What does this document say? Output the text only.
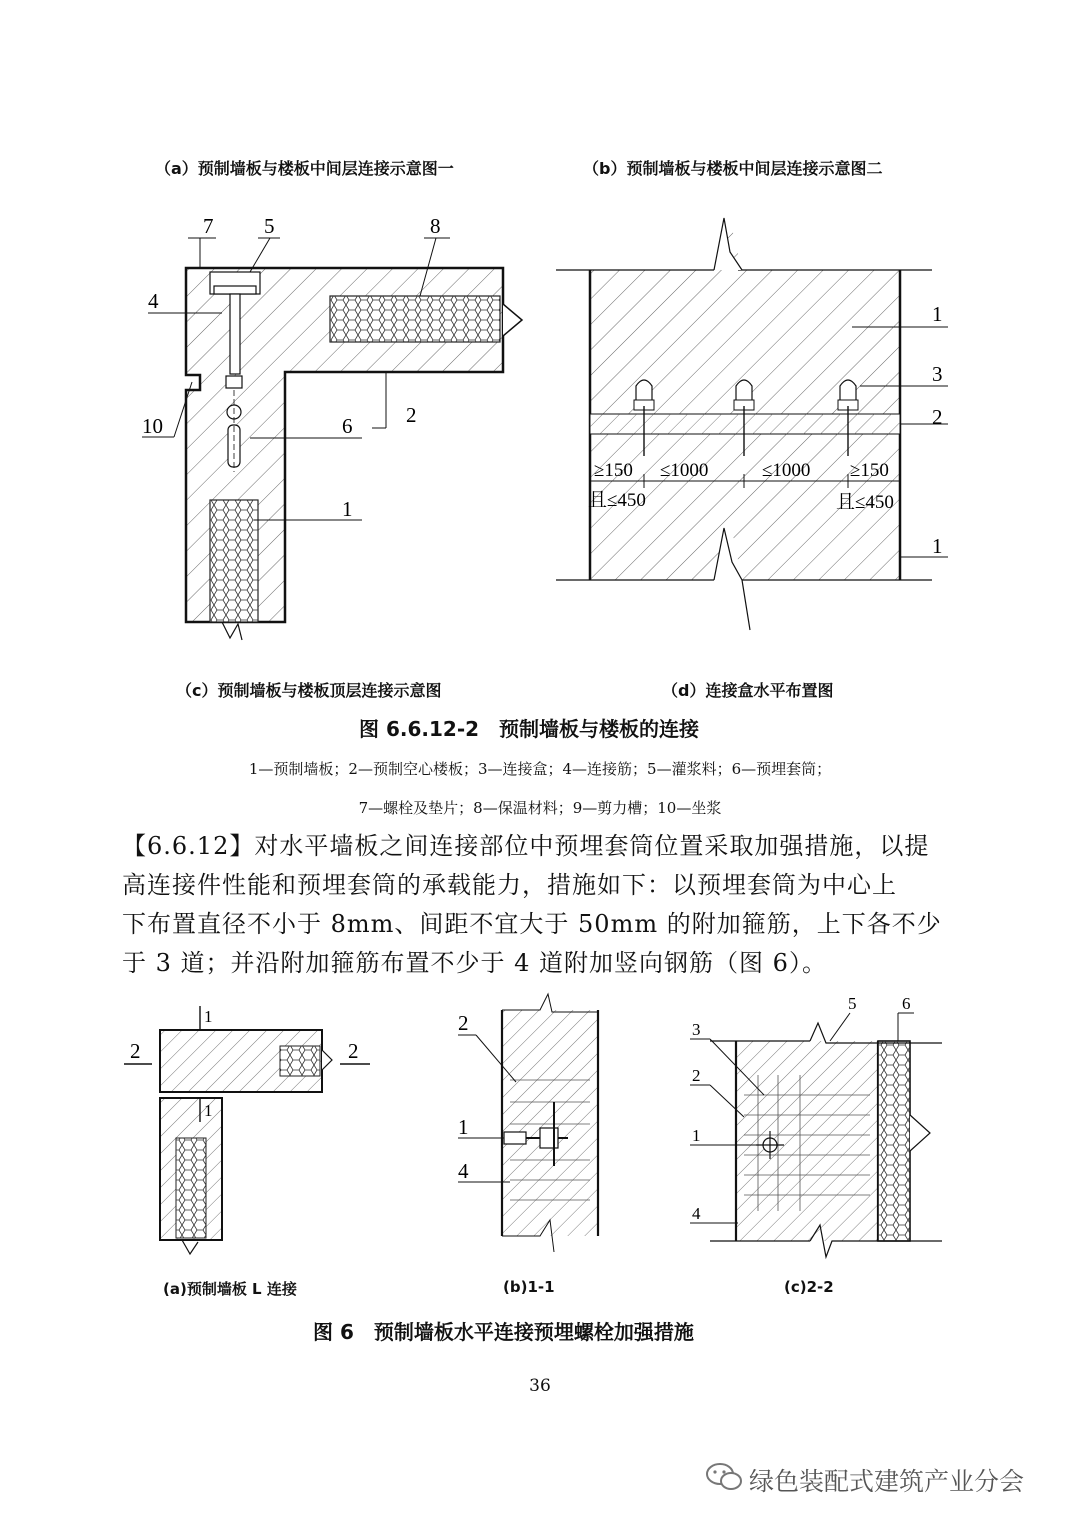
（a）预制墙板与楼板中间层连接示意图一	（b）预制墙板与楼板中间层连接示意图二
7 5	8
4
10	6	2
1
1
3
2
1
≥150 ≤1000	≤1000 ≥150
且≤450	且≤450
（c）预制墙板与楼板顶层连接示意图	（d）连接盒水平布置图
图 6.6.12-2　预制墙板与楼板的连接
1—预制墙板；2—预制空心楼板；3—连接盒；4—连接筋；5—灌浆料；6—预埋套筒；
7—螺栓及垫片；8—保温材料；9—剪力槽；10—坐浆
【6.6.12】对水平墙板之间连接部位中预埋套筒位置采取加强措施，以提
高连接件性能和预埋套筒的承载能力，措施如下：以预埋套筒为中心上
下布置直径不小于 8mm、间距不宜大于 50mm 的附加箍筋，上下各不少
于 3 道；并沿附加箍筋布置不少于 4 道附加竖向钢筋（图 6）。
1
1
2	2
2
1
4
3
5	6
2
1
4
(a)预制墙板 L 连接	(b)1-1	(c)2-2
图 6　预制墙板水平连接预埋螺栓加强措施
36
绿色装配式建筑产业分会
